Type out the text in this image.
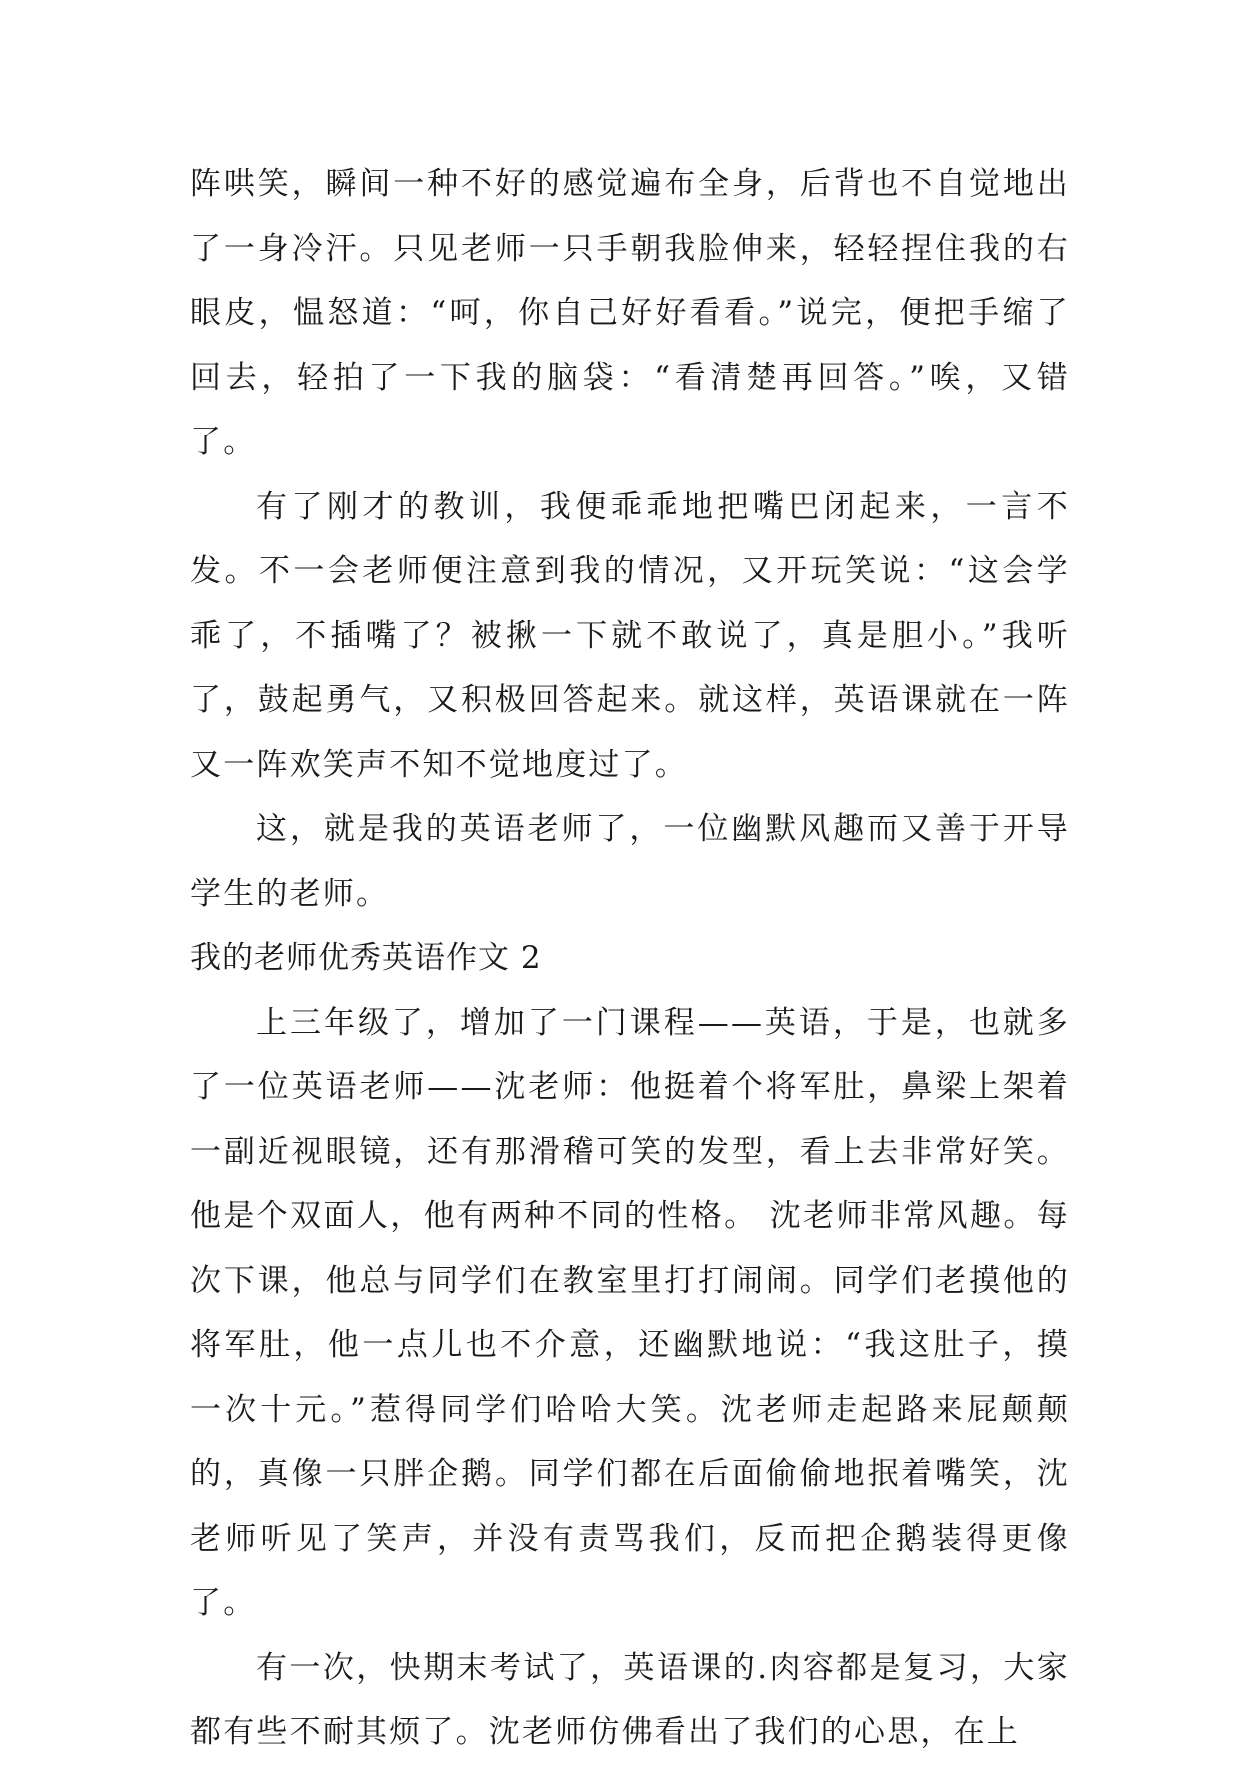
阵哄笑，瞬间一种不好的感觉遍布全身，后背也不自觉地出了一身冷汗。只见老师一只手朝我脸伸来，轻轻捏住我的右眼皮，愠怒道：“呵，你自己好好看看。”说完，便把手缩了回去，轻拍了一下我的脑袋：“看清楚再回答。”唉，又错了。

有了刚才的教训，我便乖乖地把嘴巴闭起来，一言不发。不一会老师便注意到我的情况，又开玩笑说：“这会学乖了，不插嘴了？被揪一下就不敢说了，真是胆小。”我听了，鼓起勇气，又积极回答起来。就这样，英语课就在一阵又一阵欢笑声不知不觉地度过了。

这，就是我的英语老师了，一位幽默风趣而又善于开导学生的老师。

我的老师优秀英语作文 2

上三年级了，增加了一门课程——英语，于是，也就多了一位英语老师——沈老师：他挺着个将军肚，鼻梁上架着一副近视眼镜，还有那滑稽可笑的发型，看上去非常好笑。他是个双面人，他有两种不同的性格。 沈老师非常风趣。每次下课，他总与同学们在教室里打打闹闹。同学们老摸他的将军肚，他一点儿也不介意，还幽默地说：“我这肚子，摸一次十元。”惹得同学们哈哈大笑。沈老师走起路来屁颠颠的，真像一只胖企鹅。同学们都在后面偷偷地抿着嘴笑，沈老师听见了笑声，并没有责骂我们，反而把企鹅装得更像了。

有一次，快期末考试了，英语课的.肉容都是复习，大家都有些不耐其烦了。沈老师仿佛看出了我们的心思，在上
